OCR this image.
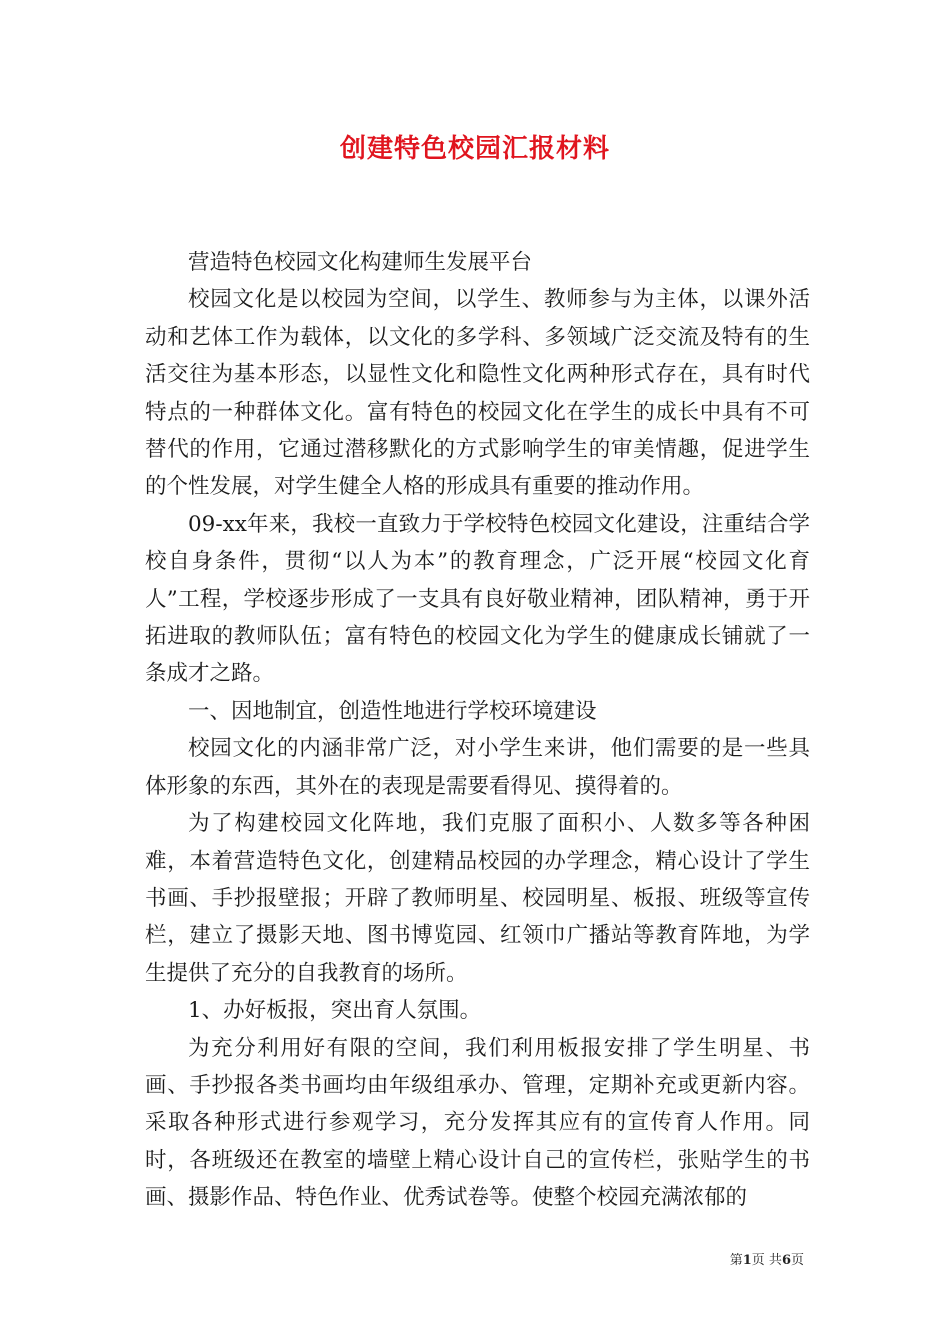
创建特色校园汇报材料

营造特色校园文化构建师生发展平台

校园文化是以校园为空间，以学生、教师参与为主体，以课外活动和艺体工作为载体，以文化的多学科、多领域广泛交流及特有的生活交往为基本形态，以显性文化和隐性文化两种形式存在，具有时代特点的一种群体文化。富有特色的校园文化在学生的成长中具有不可替代的作用，它通过潜移默化的方式影响学生的审美情趣，促进学生的个性发展，对学生健全人格的形成具有重要的推动作用。

09-xx年来，我校一直致力于学校特色校园文化建设，注重结合学校自身条件，贯彻“以人为本”的教育理念，广泛开展“校园文化育人”工程，学校逐步形成了一支具有良好敬业精神，团队精神，勇于开拓进取的教师队伍；富有特色的校园文化为学生的健康成长铺就了一条成才之路。

一、因地制宜，创造性地进行学校环境建设

校园文化的内涵非常广泛，对小学生来讲，他们需要的是一些具体形象的东西，其外在的表现是需要看得见、摸得着的。

为了构建校园文化阵地，我们克服了面积小、人数多等各种困难，本着营造特色文化，创建精品校园的办学理念，精心设计了学生书画、手抄报壁报；开辟了教师明星、校园明星、板报、班级等宣传栏，建立了摄影天地、图书博览园、红领巾广播站等教育阵地，为学生提供了充分的自我教育的场所。

1、办好板报，突出育人氛围。

为充分利用好有限的空间，我们利用板报安排了学生明星、书画、手抄报各类书画均由年级组承办、管理，定期补充或更新内容。采取各种形式进行参观学习，充分发挥其应有的宣传育人作用。同时，各班级还在教室的墙壁上精心设计自己的宣传栏，张贴学生的书画、摄影作品、特色作业、优秀试卷等。使整个校园充满浓郁的

第1页 共6页
